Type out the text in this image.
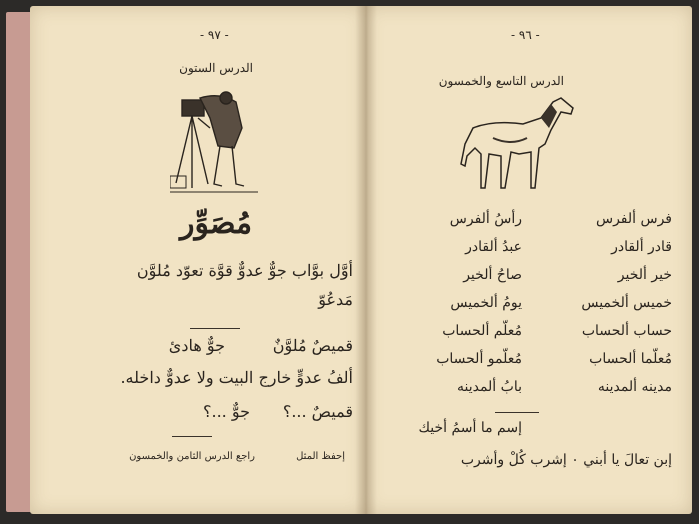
- ٩٧ -
الدرس الستون
مُصَوِّر
أوَّل بوَّاب جوٌّ عدوٌّ قوَّة تعوّد مُلوَّن
مَدعُوّ
قميصٌ مُلوَّنٌ
جوٌّ هادئ
ألفُ عدوٍّ خارج البيت ولا عدوٌّ داخله.
قميصٌ ...؟
جوٌّ ...؟
إحفظ المثل
راجع الدرس الثامن والخمسون
- ٩٦ -
الدرس التاسع والخمسون
فرس ألفرس
رأسُ ألفرس
قادر ألقادر
عبدُ ألقادر
خير ألخير
صاحُ ألخير
خميس ألخميس
يومُ ألخميس
حساب ألحساب
مُعلّم ألحساب
مُعلّما ألحساب
مُعلّمو ألحساب
مدينه ألمدينه
بابُ ألمدينه
إسم ما أسمُ أخيك
إبن تعالَ يا أبني ٠ إشرب كُلْ وأشرب
